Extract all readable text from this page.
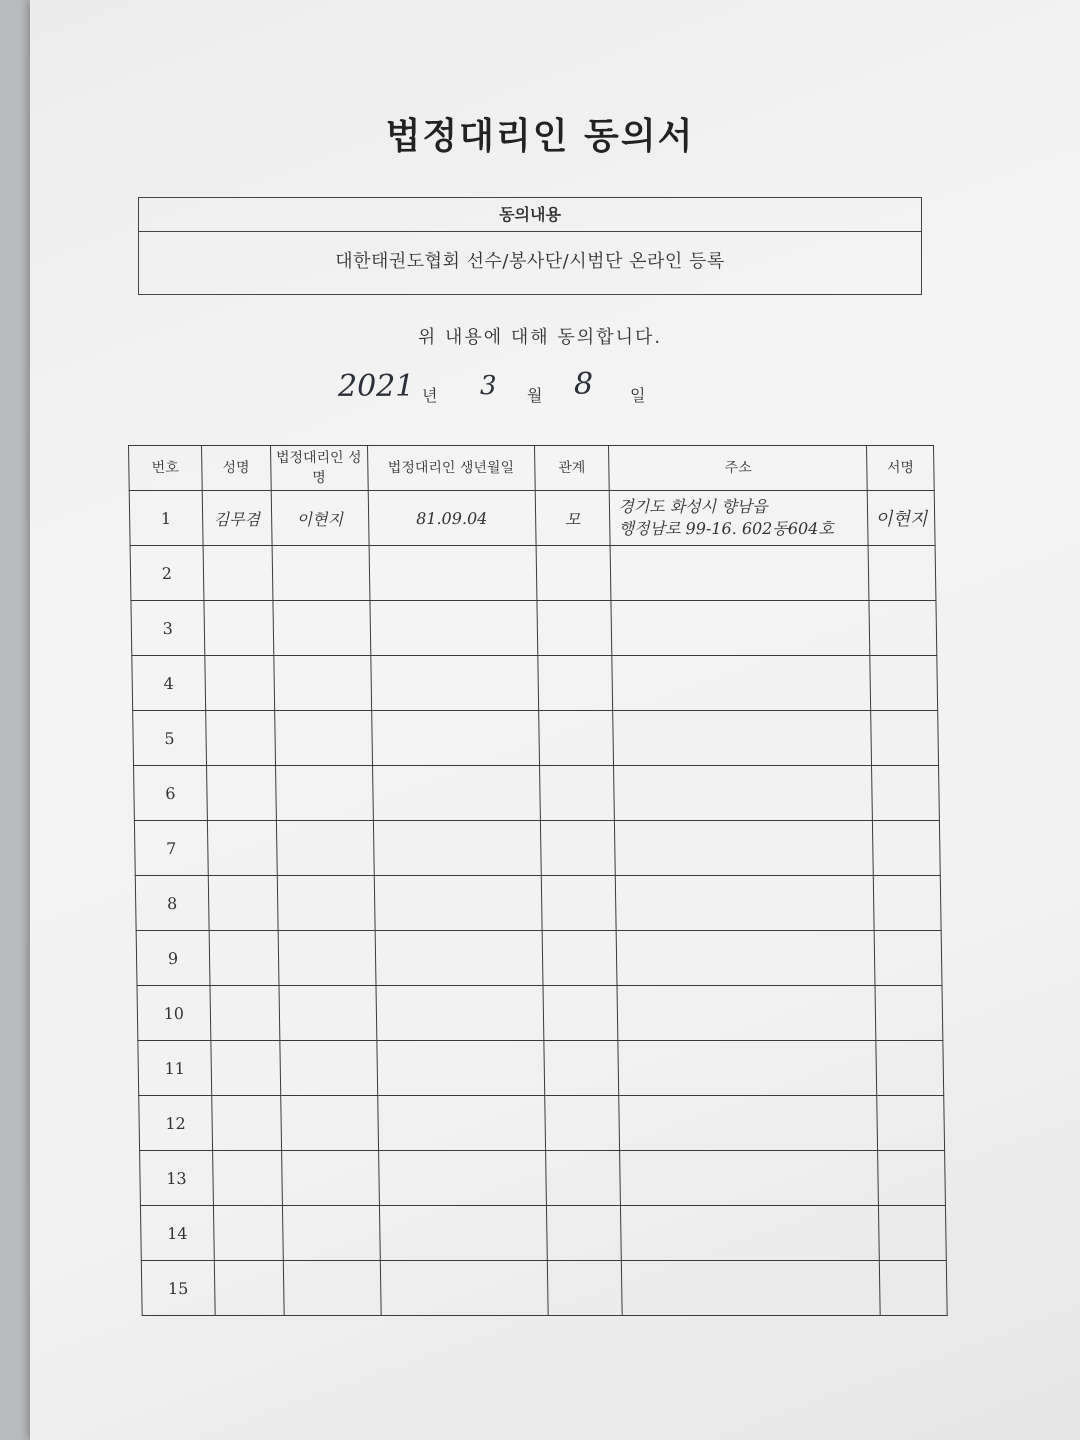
법정대리인 동의서
동의내용
대한태권도협회 선수/봉사단/시범단 온라인 등록
위 내용에 대해 동의합니다.
2021 년 3 월 8 일
번호	성명	법정대리인 성명	법정대리인 생년월일	관계	주소	서명
1	김무겸	이현지	81.09.04	모	경기도 화성시 향남읍
행정남로 99-16. 602동604호	이현지
2						
3						
4						
5						
6						
7						
8						
9						
10						
11						
12						
13						
14						
15						
